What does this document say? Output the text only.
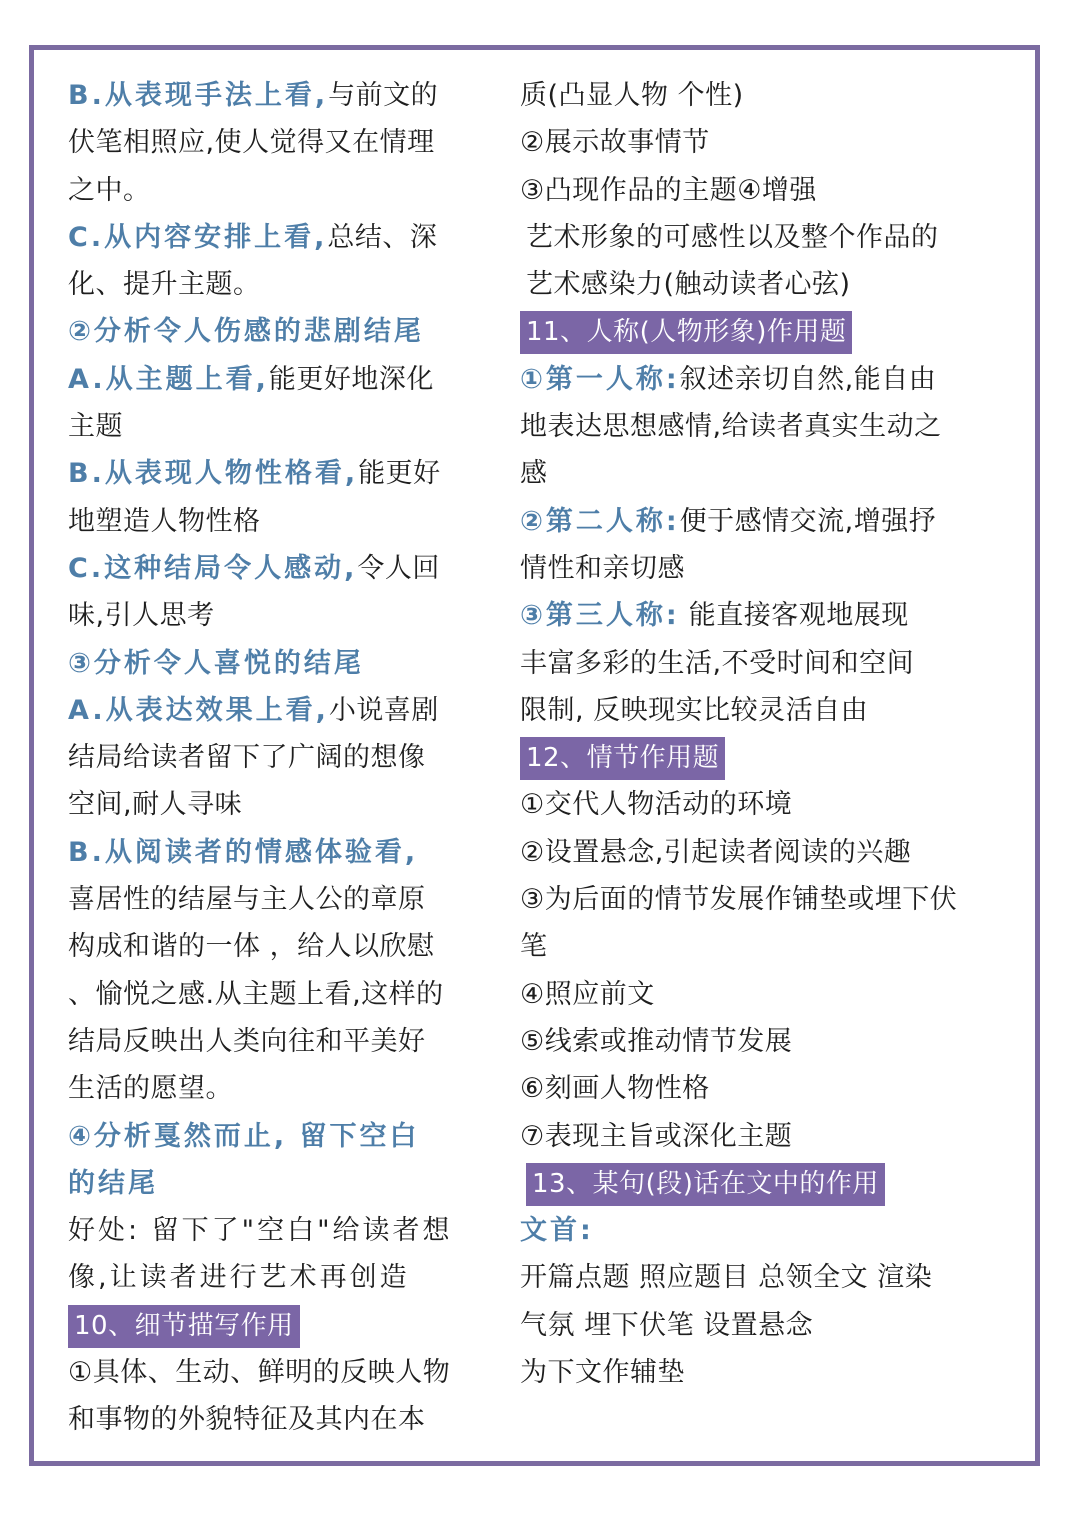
B.从表现手法上看,与前文的
伏笔相照应,使人觉得又在情理
之中。
C.从内容安排上看,总结、深
化、提升主题。
②分析令人伤感的悲剧结尾
A.从主题上看,能更好地深化
主题
B.从表现人物性格看,能更好
地塑造人物性格
C.这种结局令人感动,令人回
味,引人思考
③分析令人喜悦的结尾
A.从表达效果上看,小说喜剧
结局给读者留下了广阔的想像
空间,耐人寻味
B.从阅读者的情感体验看,
喜居性的结屋与主人公的章原
构成和谐的一体 ，给人以欣慰
、愉悦之感.从主题上看,这样的
结局反映出人类向往和平美好
生活的愿望。
④分析戛然而止, 留下空白
的结尾
好处: 留下了"空白"给读者想
像,让读者进行艺术再创造
10、细节描写作用
①具体、生动、鲜明的反映人物
和事物的外貌特征及其内在本
质(凸显人物 个性)
②展示故事情节
③凸现作品的主题④增强
艺术形象的可感性以及整个作品的
艺术感染力(触动读者心弦)
11、人称(人物形象)作用题
①第一人称:叙述亲切自然,能自由
地表达思想感情,给读者真实生动之
感
②第二人称:便于感情交流,增强抒
情性和亲切感
③第三人称: 能直接客观地展现
丰富多彩的生活,不受时间和空间
限制, 反映现实比较灵活自由
12、情节作用题
①交代人物活动的环境
②设置悬念,引起读者阅读的兴趣
③为后面的情节发展作铺垫或埋下伏
笔
④照应前文
⑤线索或推动情节发展
⑥刻画人物性格
⑦表现主旨或深化主题
13、某句(段)话在文中的作用
文首:
开篇点题 照应题目 总领全文 渲染
气氛 埋下伏笔 设置悬念
为下文作辅垫
